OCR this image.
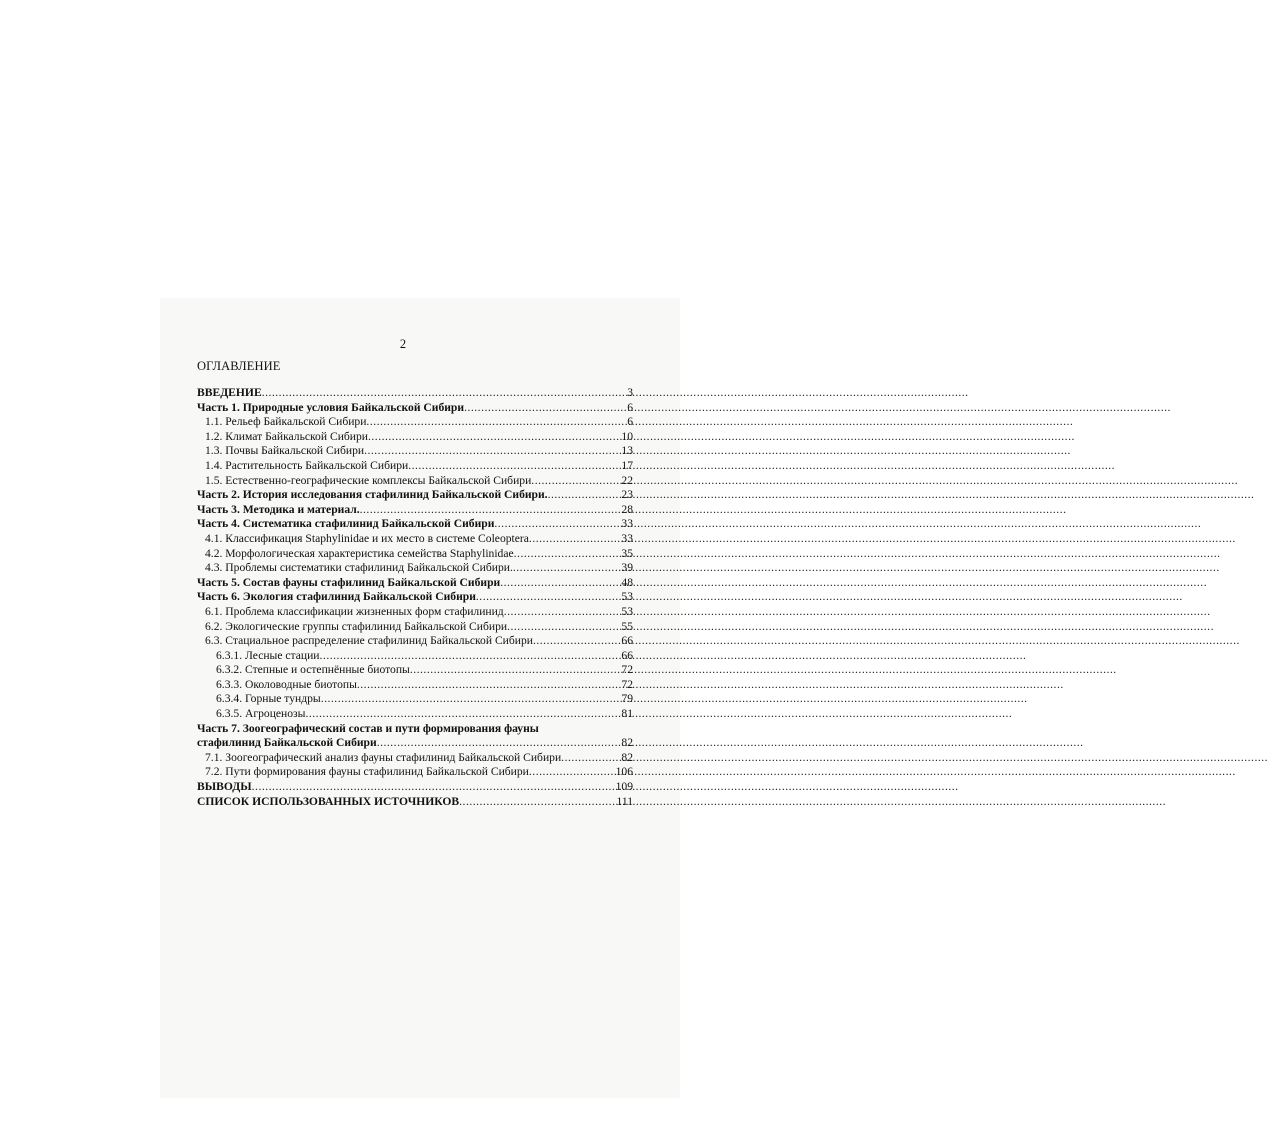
2
ОГЛАВЛЕНИЕ
ВВЕДЕНИЕ .....	3
Часть 1. Природные условия Байкальской Сибири .....	6
1.1. Рельеф Байкальской Сибири .....	6
1.2. Климат Байкальской Сибири .....	10
1.3. Почвы Байкальской Сибири .....	13
1.4. Растительность Байкальской Сибири .....	17
1.5. Естественно-географические комплексы Байкальской Сибири .....	22
Часть 2. История исследования стафилинид Байкальской Сибири. .....	23
Часть 3. Методика и материал. .....	28
Часть 4. Систематика стафилинид Байкальской Сибири .....	33
4.1. Классификация Staphylinidae и их место в системе Coleoptera .....	33
4.2. Морфологическая характеристика семейства Staphylinidae .....	35
4.3. Проблемы систематики стафилинид Байкальской Сибири. .....	39
Часть 5. Состав фауны стафилинид Байкальской Сибири .....	48
Часть 6. Экология стафилинид Байкальской Сибири .....	53
6.1. Проблема классификации жизненных форм стафилинид .....	53
6.2. Экологические группы стафилинид Байкальской Сибири .....	55
6.3. Стациальное распределение стафилинид Байкальской Сибири .....	66
6.3.1. Лесные стации .....	66
6.3.2. Степные и остепнённые биотопы .....	72
6.3.3. Околоводные биотопы .....	72
6.3.4. Горные тундры .....	79
6.3.5. Агроценозы .....	81
Часть 7. Зоогеографический состав и пути формирования фауны
стафилинид Байкальской Сибири .....	82
7.1. Зоогеографический анализ фауны стафилинид Байкальской Сибири .....	82
7.2. Пути формирования фауны стафилинид Байкальской Сибири .....	106
ВЫВОДЫ .....	109
СПИСОК ИСПОЛЬЗОВАННЫХ ИСТОЧНИКОВ .....	111
